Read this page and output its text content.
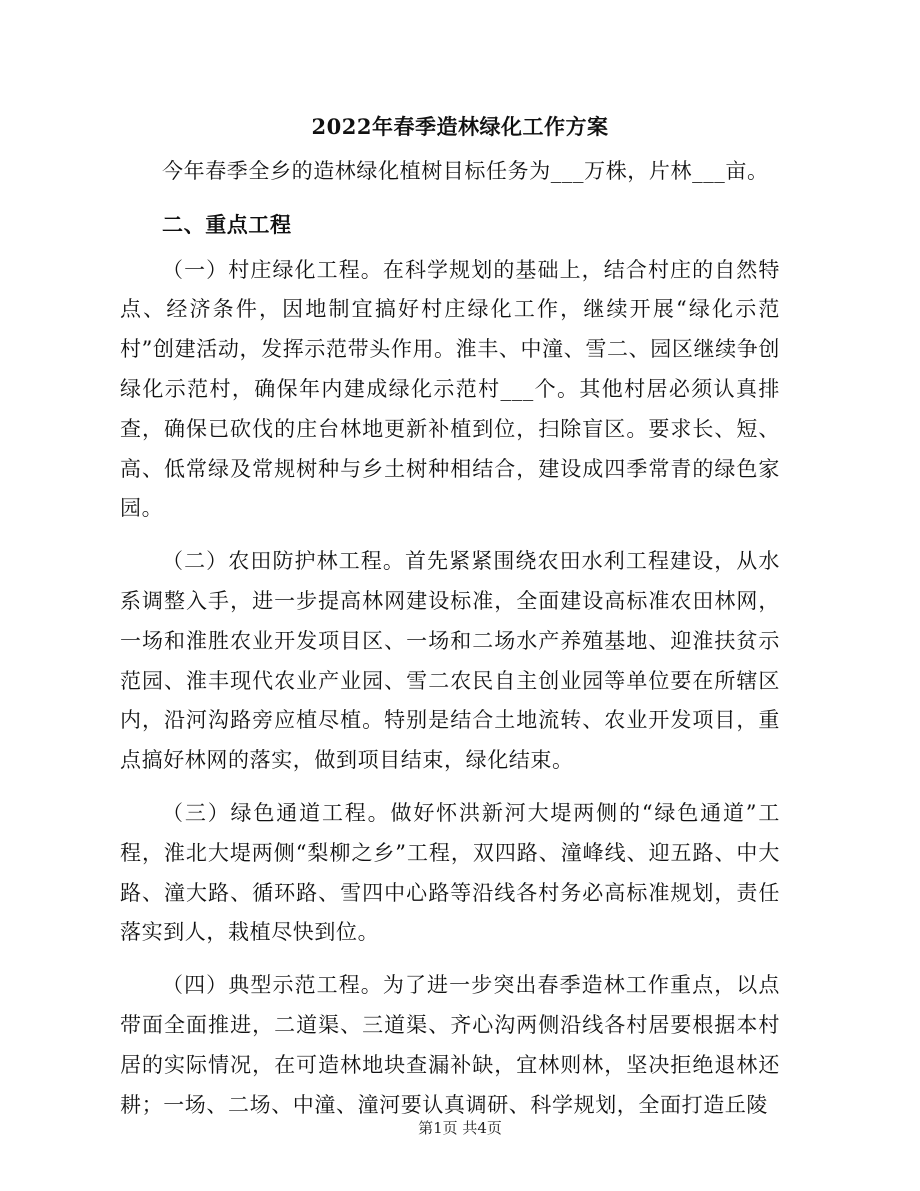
2022年春季造林绿化工作方案

今年春季全乡的造林绿化植树目标任务为___万株，片林___亩。

二、重点工程

（一）村庄绿化工程。在科学规划的基础上，结合村庄的自然特点、经济条件，因地制宜搞好村庄绿化工作，继续开展“绿化示范村”创建活动，发挥示范带头作用。淮丰、中潼、雪二、园区继续争创绿化示范村，确保年内建成绿化示范村___个。其他村居必须认真排查，确保已砍伐的庄台林地更新补植到位，扫除盲区。要求长、短、高、低常绿及常规树种与乡土树种相结合，建设成四季常青的绿色家园。

（二）农田防护林工程。首先紧紧围绕农田水利工程建设，从水系调整入手，进一步提高林网建设标准，全面建设高标准农田林网，一场和淮胜农业开发项目区、一场和二场水产养殖基地、迎淮扶贫示范园、淮丰现代农业产业园、雪二农民自主创业园等单位要在所辖区内，沿河沟路旁应植尽植。特别是结合土地流转、农业开发项目，重点搞好林网的落实，做到项目结束，绿化结束。

（三）绿色通道工程。做好怀洪新河大堤两侧的“绿色通道”工程，淮北大堤两侧“梨柳之乡”工程，双四路、潼峰线、迎五路、中大路、潼大路、循环路、雪四中心路等沿线各村务必高标准规划，责任落实到人，栽植尽快到位。

（四）典型示范工程。为了进一步突出春季造林工作重点，以点带面全面推进，二道渠、三道渠、齐心沟两侧沿线各村居要根据本村居的实际情况，在可造林地块查漏补缺，宜林则林，坚决拒绝退林还耕；一场、二场、中潼、潼河要认真调研、科学规划，全面打造丘陵

第1页 共4页
